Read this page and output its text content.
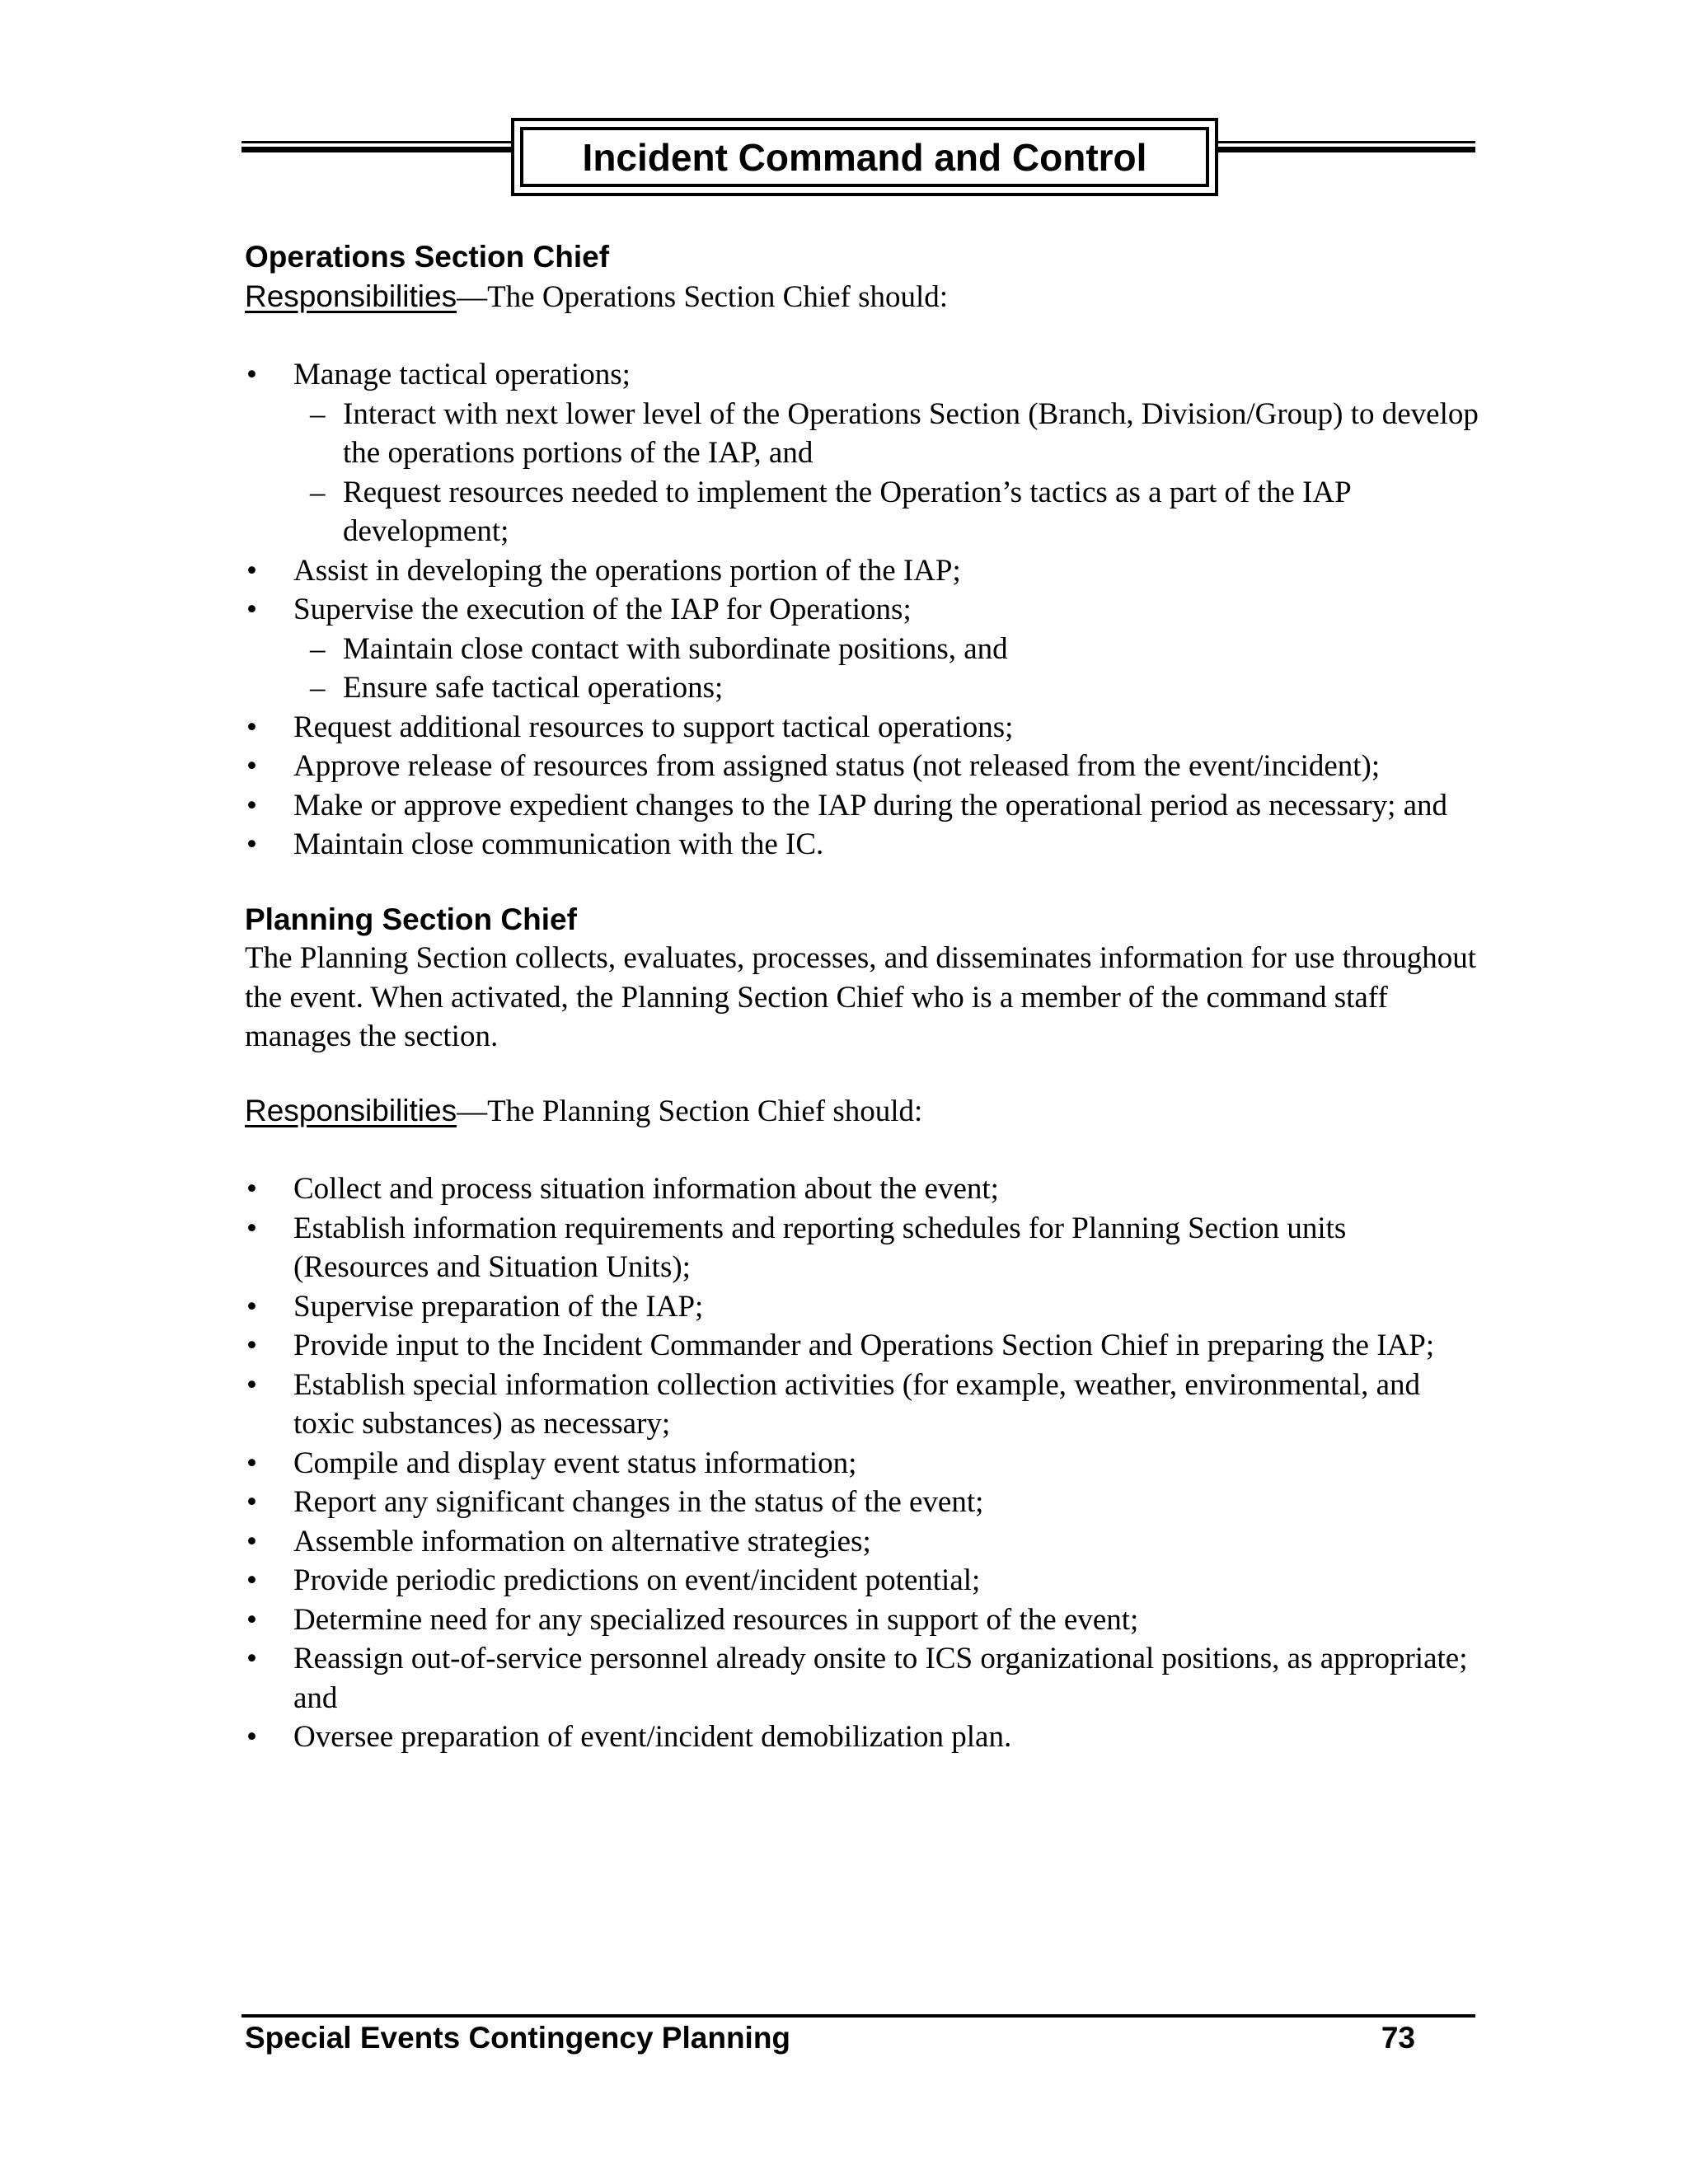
Incident Command and Control

Operations Section Chief

Responsibilities—The Operations Section Chief should:

•	Manage tactical operations;
– Interact with next lower level of the Operations Section (Branch, Division/Group) to develop the operations portions of the IAP, and
– Request resources needed to implement the Operation’s tactics as a part of the IAP development;
•	Assist in developing the operations portion of the IAP;
•	Supervise the execution of the IAP for Operations;
– Maintain close contact with subordinate positions, and
– Ensure safe tactical operations;
•	Request additional resources to support tactical operations;
•	Approve release of resources from assigned status (not released from the event/incident);
•	Make or approve expedient changes to the IAP during the operational period as necessary; and
•	Maintain close communication with the IC.

Planning Section Chief

The Planning Section collects, evaluates, processes, and disseminates information for use throughout the event. When activated, the Planning Section Chief who is a member of the command staff manages the section.

Responsibilities—The Planning Section Chief should:

•	Collect and process situation information about the event;
•	Establish information requirements and reporting schedules for Planning Section units (Resources and Situation Units);
•	Supervise preparation of the IAP;
•	Provide input to the Incident Commander and Operations Section Chief in preparing the IAP;
•	Establish special information collection activities (for example, weather, environmental, and toxic substances) as necessary;
•	Compile and display event status information;
•	Report any significant changes in the status of the event;
•	Assemble information on alternative strategies;
•	Provide periodic predictions on event/incident potential;
•	Determine need for any specialized resources in support of the event;
•	Reassign out-of-service personnel already onsite to ICS organizational positions, as appropriate; and
•	Oversee preparation of event/incident demobilization plan.
Special Events Contingency Planning	73
